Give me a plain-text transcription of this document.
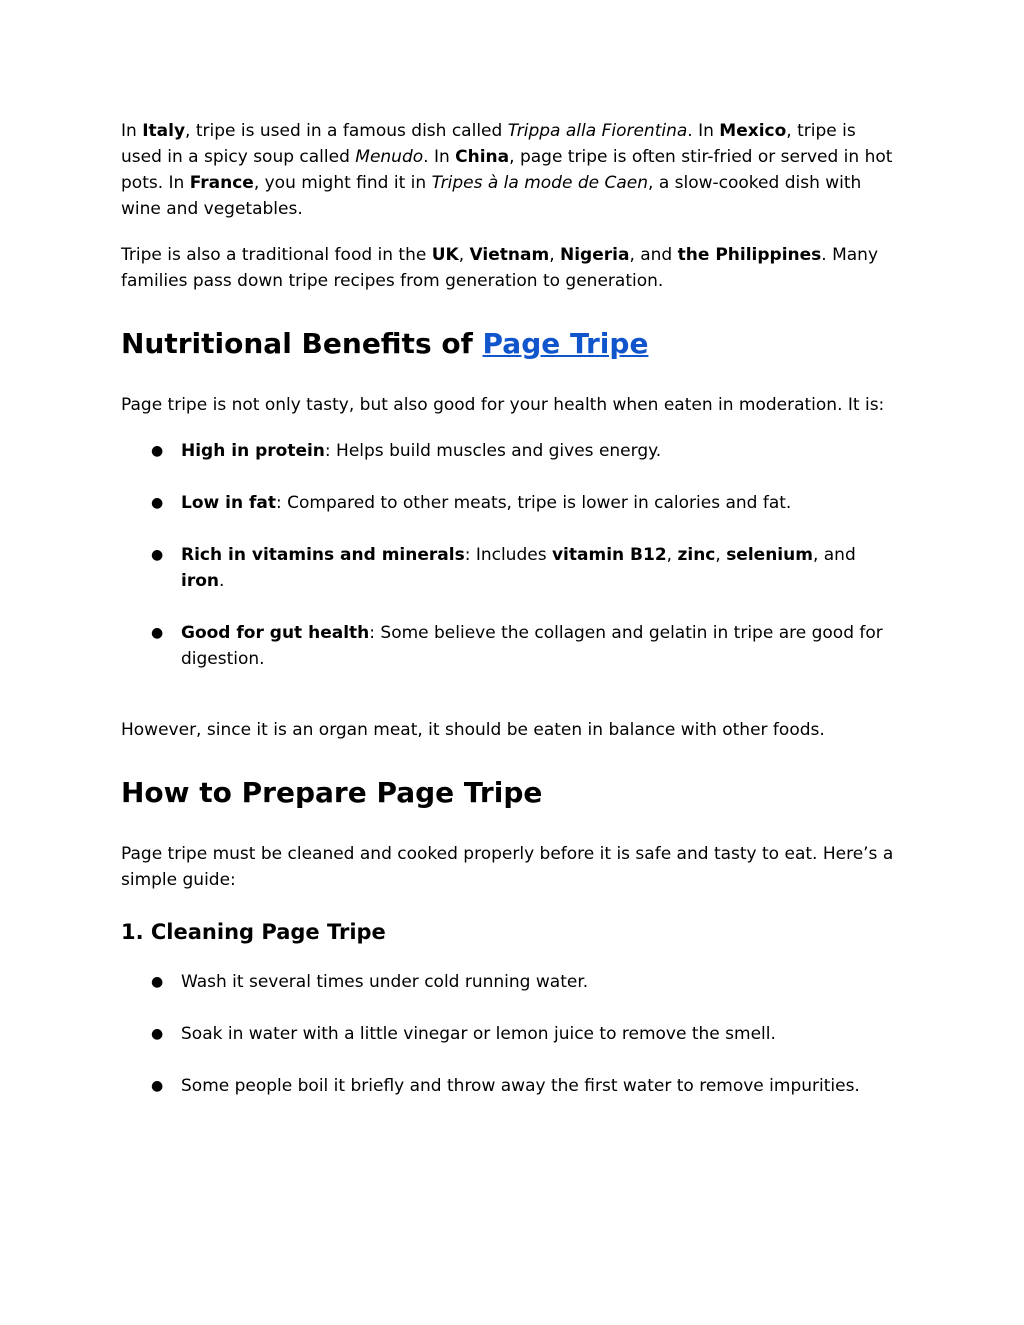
In Italy, tripe is used in a famous dish called Trippa alla Fiorentina. In Mexico, tripe is used in a spicy soup called Menudo. In China, page tripe is often stir-fried or served in hot pots. In France, you might find it in Tripes à la mode de Caen, a slow-cooked dish with wine and vegetables.

Tripe is also a traditional food in the UK, Vietnam, Nigeria, and the Philippines. Many families pass down tripe recipes from generation to generation.

Nutritional Benefits of Page Tripe

Page tripe is not only tasty, but also good for your health when eaten in moderation. It is:

● High in protein: Helps build muscles and gives energy.
● Low in fat: Compared to other meats, tripe is lower in calories and fat.
● Rich in vitamins and minerals: Includes vitamin B12, zinc, selenium, and iron.
● Good for gut health: Some believe the collagen and gelatin in tripe are good for digestion.

However, since it is an organ meat, it should be eaten in balance with other foods.

How to Prepare Page Tripe

Page tripe must be cleaned and cooked properly before it is safe and tasty to eat. Here’s a simple guide:

1. Cleaning Page Tripe
● Wash it several times under cold running water.
● Soak in water with a little vinegar or lemon juice to remove the smell.
● Some people boil it briefly and throw away the first water to remove impurities.
